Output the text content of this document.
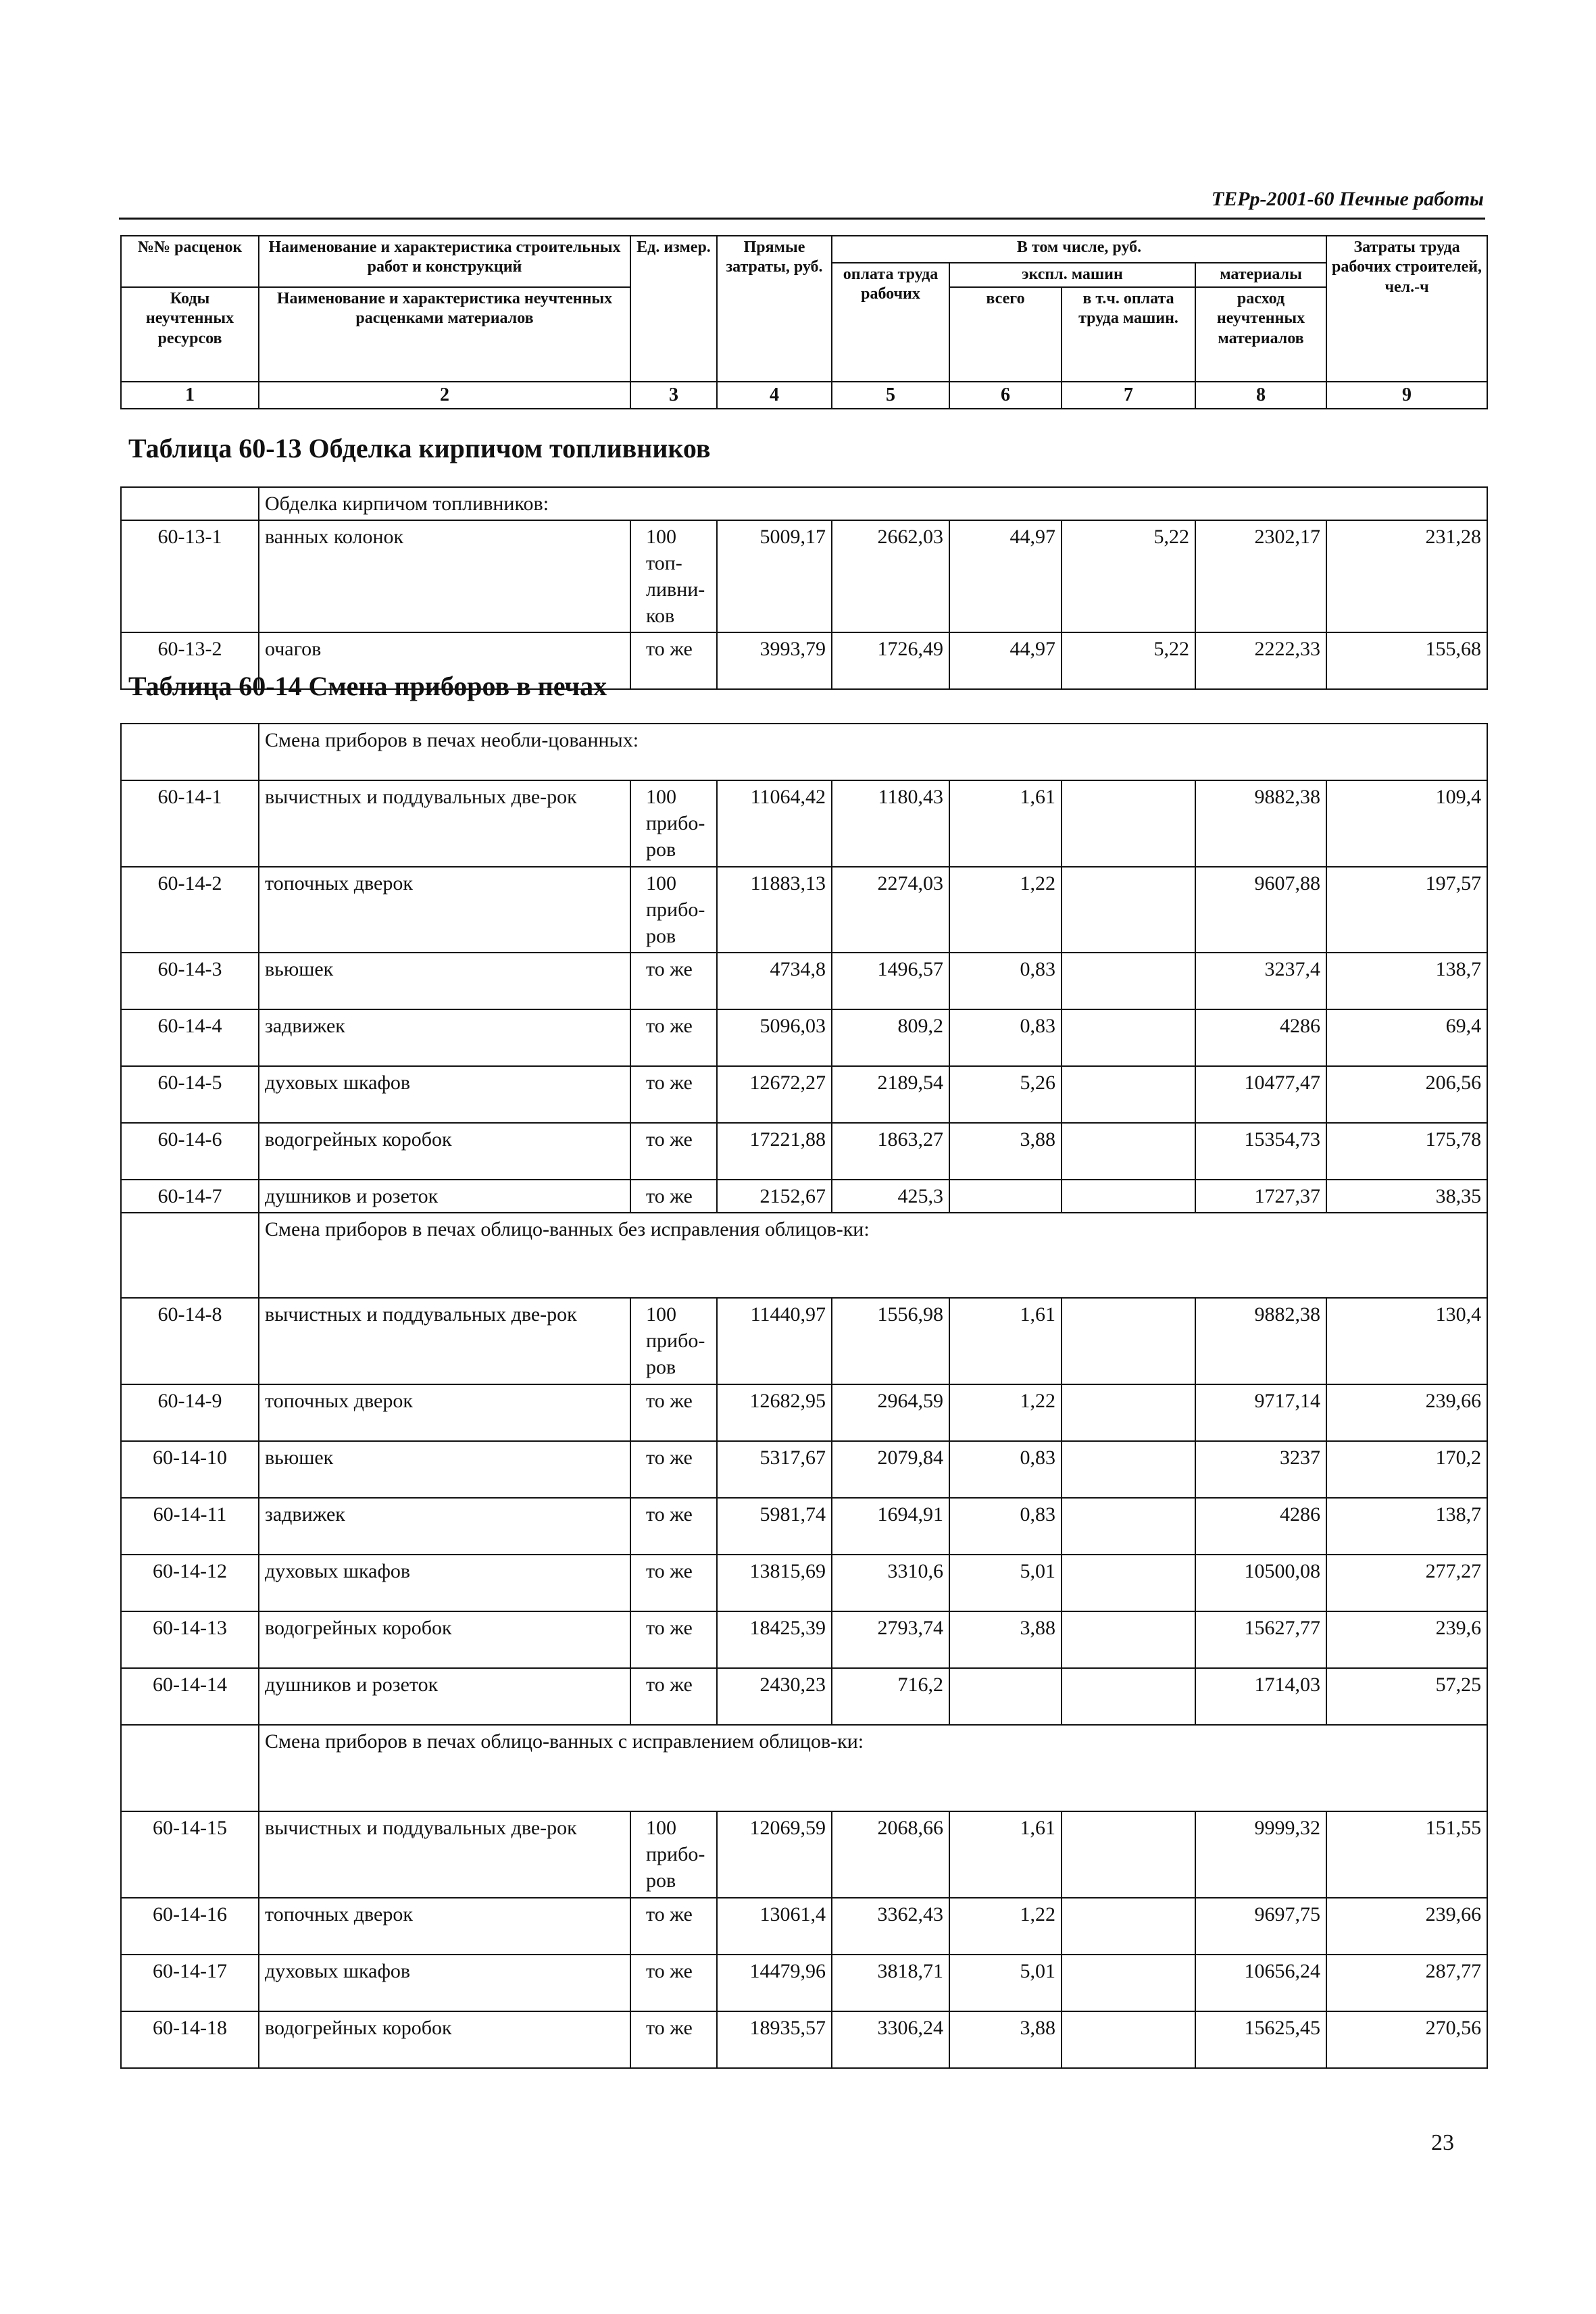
ТЕРр-2001-60 Печные работы
№№ расценок	Наименование и характеристика строительных работ и конструкций	Ед. измер.	Прямые затраты, руб.	В том числе, руб.				Затраты труда рабочих строителей, чел.-ч
				оплата труда рабочих	экспл. машин		материалы	
Коды неучтенных ресурсов	Наименование и характеристика неучтенных расценками материалов				всего	в т.ч. оплата труда машин.	расход неучтенных материалов	

1	2	3	4	5	6	7	8	9
Таблица 60-13 Обделка кирпичом топливников
	Обделка кирпичом топливников:							
60-13-1	ванных колонок	100 топ-ливни-ков	5009,17	2662,03	44,97	5,22	2302,17	231,28
60-13-2	очагов	то же	3993,79	1726,49	44,97	5,22	2222,33	155,68
Таблица 60-14 Смена приборов в печах
	Смена приборов в печах необли-цованных:							
60-14-1	вычистных и поддувальных две-рок	100 прибо-ров	11064,42	1180,43	1,61		9882,38	109,4
60-14-2	топочных дверок	100 прибо-ров	11883,13	2274,03	1,22		9607,88	197,57
60-14-3	вьюшек	то же	4734,8	1496,57	0,83		3237,4	138,7
60-14-4	задвижек	то же	5096,03	809,2	0,83		4286	69,4
60-14-5	духовых шкафов	то же	12672,27	2189,54	5,26		10477,47	206,56
60-14-6	водогрейных коробок	то же	17221,88	1863,27	3,88		15354,73	175,78
60-14-7	душников и розеток	то же	2152,67	425,3			1727,37	38,35
	Смена приборов в печах облицо-ванных без исправления облицов-ки:							
60-14-8	вычистных и поддувальных две-рок	100 прибо-ров	11440,97	1556,98	1,61		9882,38	130,4
60-14-9	топочных дверок	то же	12682,95	2964,59	1,22		9717,14	239,66
60-14-10	вьюшек	то же	5317,67	2079,84	0,83		3237	170,2
60-14-11	задвижек	то же	5981,74	1694,91	0,83		4286	138,7
60-14-12	духовых шкафов	то же	13815,69	3310,6	5,01		10500,08	277,27
60-14-13	водогрейных коробок	то же	18425,39	2793,74	3,88		15627,77	239,6
60-14-14	душников и розеток	то же	2430,23	716,2			1714,03	57,25
	Смена приборов в печах облицо-ванных с исправлением облицов-ки:							
60-14-15	вычистных и поддувальных две-рок	100 прибо-ров	12069,59	2068,66	1,61		9999,32	151,55
60-14-16	топочных дверок	то же	13061,4	3362,43	1,22		9697,75	239,66
60-14-17	духовых шкафов	то же	14479,96	3818,71	5,01		10656,24	287,77
60-14-18	водогрейных коробок	то же	18935,57	3306,24	3,88		15625,45	270,56
23
